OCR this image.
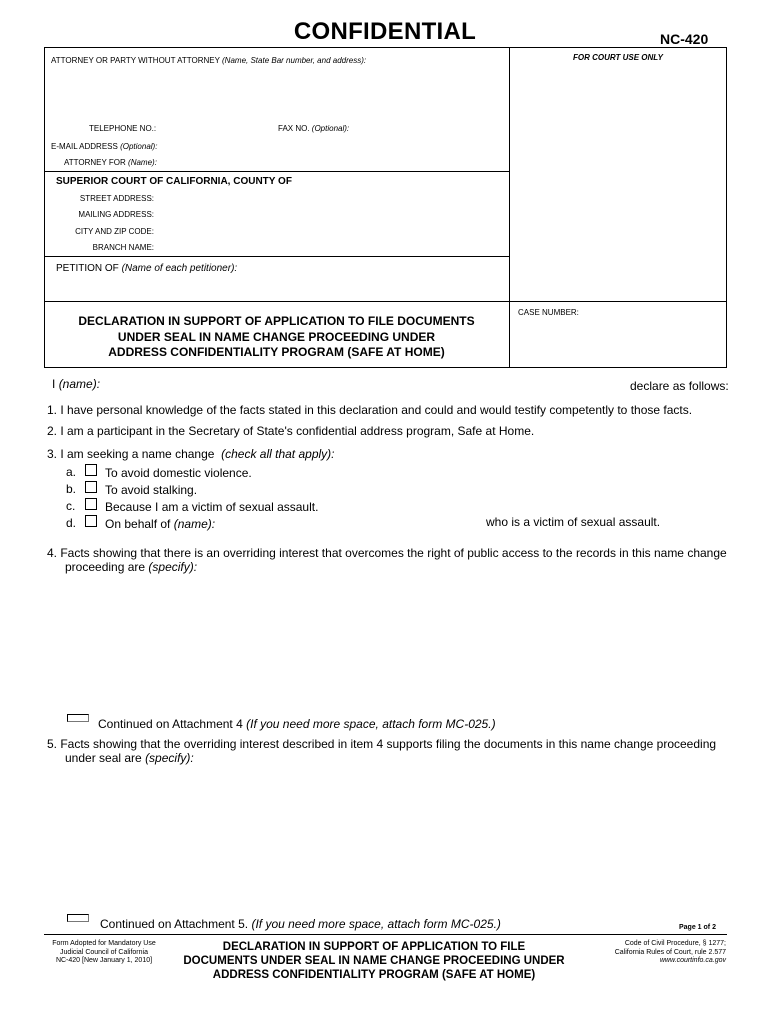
CONFIDENTIAL	NC-420
ATTORNEY OR PARTY WITHOUT ATTORNEY (Name, State Bar number, and address):	FOR COURT USE ONLY
TELEPHONE NO.:	FAX NO. (Optional):
E-MAIL ADDRESS (Optional):
ATTORNEY FOR (Name):
SUPERIOR COURT OF CALIFORNIA, COUNTY OF
STREET ADDRESS:
MAILING ADDRESS:
CITY AND ZIP CODE:
BRANCH NAME:
PETITION OF (Name of each petitioner):
DECLARATION IN SUPPORT OF APPLICATION TO FILE DOCUMENTS
UNDER SEAL IN NAME CHANGE PROCEEDING UNDER
ADDRESS CONFIDENTIALITY PROGRAM (SAFE AT HOME)
CASE NUMBER:
I (name):	declare as follows:
1. I have personal knowledge of the facts stated in this declaration and could and would testify competently to those facts.
2. I am a participant in the Secretary of State's confidential address program, Safe at Home.
3. I am seeking a name change (check all that apply):
a. To avoid domestic violence.
b. To avoid stalking.
c. Because I am a victim of sexual assault.
d. On behalf of (name):	who is a victim of sexual assault.
4. Facts showing that there is an overriding interest that overcomes the right of public access to the records in this name change
proceeding are (specify):
Continued on Attachment 4 (If you need more space, attach form MC-025.)
5. Facts showing that the overriding interest described in item 4 supports filing the documents in this name change proceeding
under seal are (specify):
Continued on Attachment 5. (If you need more space, attach form MC-025.)	Page 1 of 2
Form Adopted for Mandatory Use
Judicial Council of California
NC-420 [New January 1, 2010]
DECLARATION IN SUPPORT OF APPLICATION TO FILE
DOCUMENTS UNDER SEAL IN NAME CHANGE PROCEEDING UNDER
ADDRESS CONFIDENTIALITY PROGRAM (SAFE AT HOME)
Code of Civil Procedure, § 1277;
California Rules of Court, rule 2.577
www.courtinfo.ca.gov
